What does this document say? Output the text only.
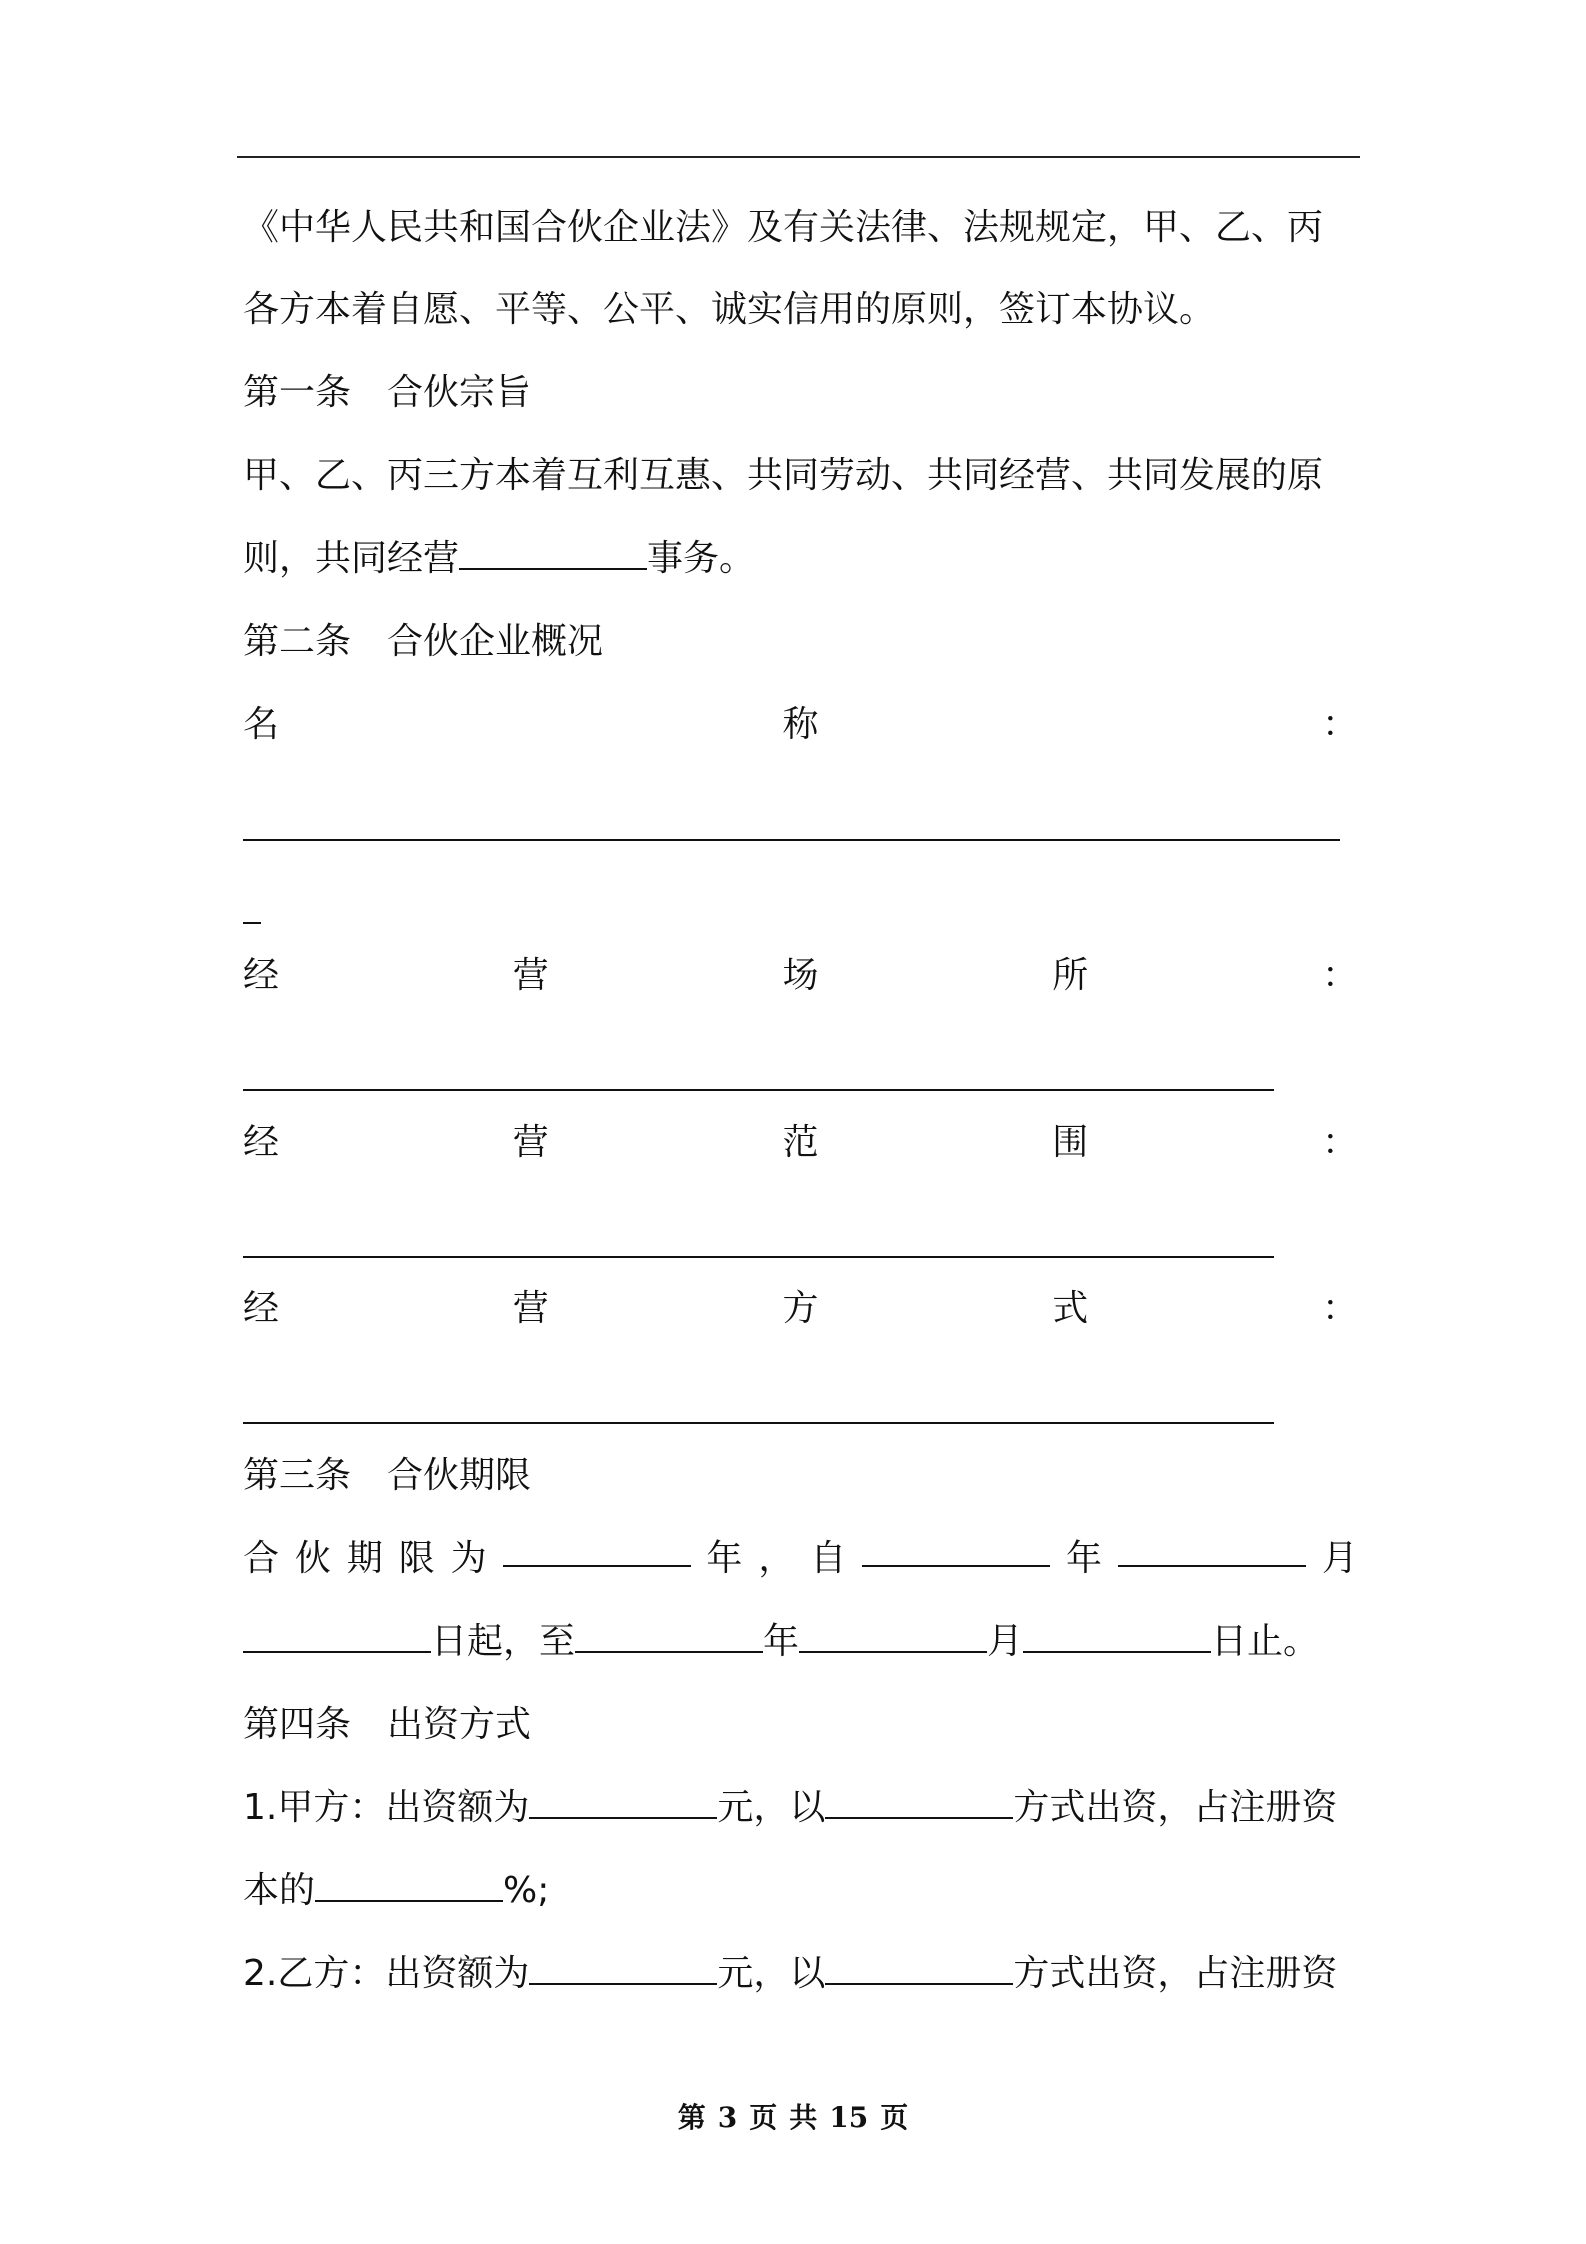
《中华人民共和国合伙企业法》及有关法律、法规规定，甲、乙、丙
各方本着自愿、平等、公平、诚实信用的原则，签订本协议。
第一条　合伙宗旨
甲、乙、丙三方本着互利互惠、共同劳动、共同经营、共同发展的原
则，共同经营	事务。
第二条　合伙企业概况
名	称	：
经	营	场	所	：
经	营	范	围	：
经	营	方	式	：
第三条　合伙期限
合 伙 期 限 为	年 ， 自	年	月
日起，至	年	月	日止。
第四条　出资方式
1.甲方：出资额为	元，以	方式出资，占注册资
本的	%;
2.乙方：出资额为	元，以	方式出资，占注册资
第 3 页 共 15 页
